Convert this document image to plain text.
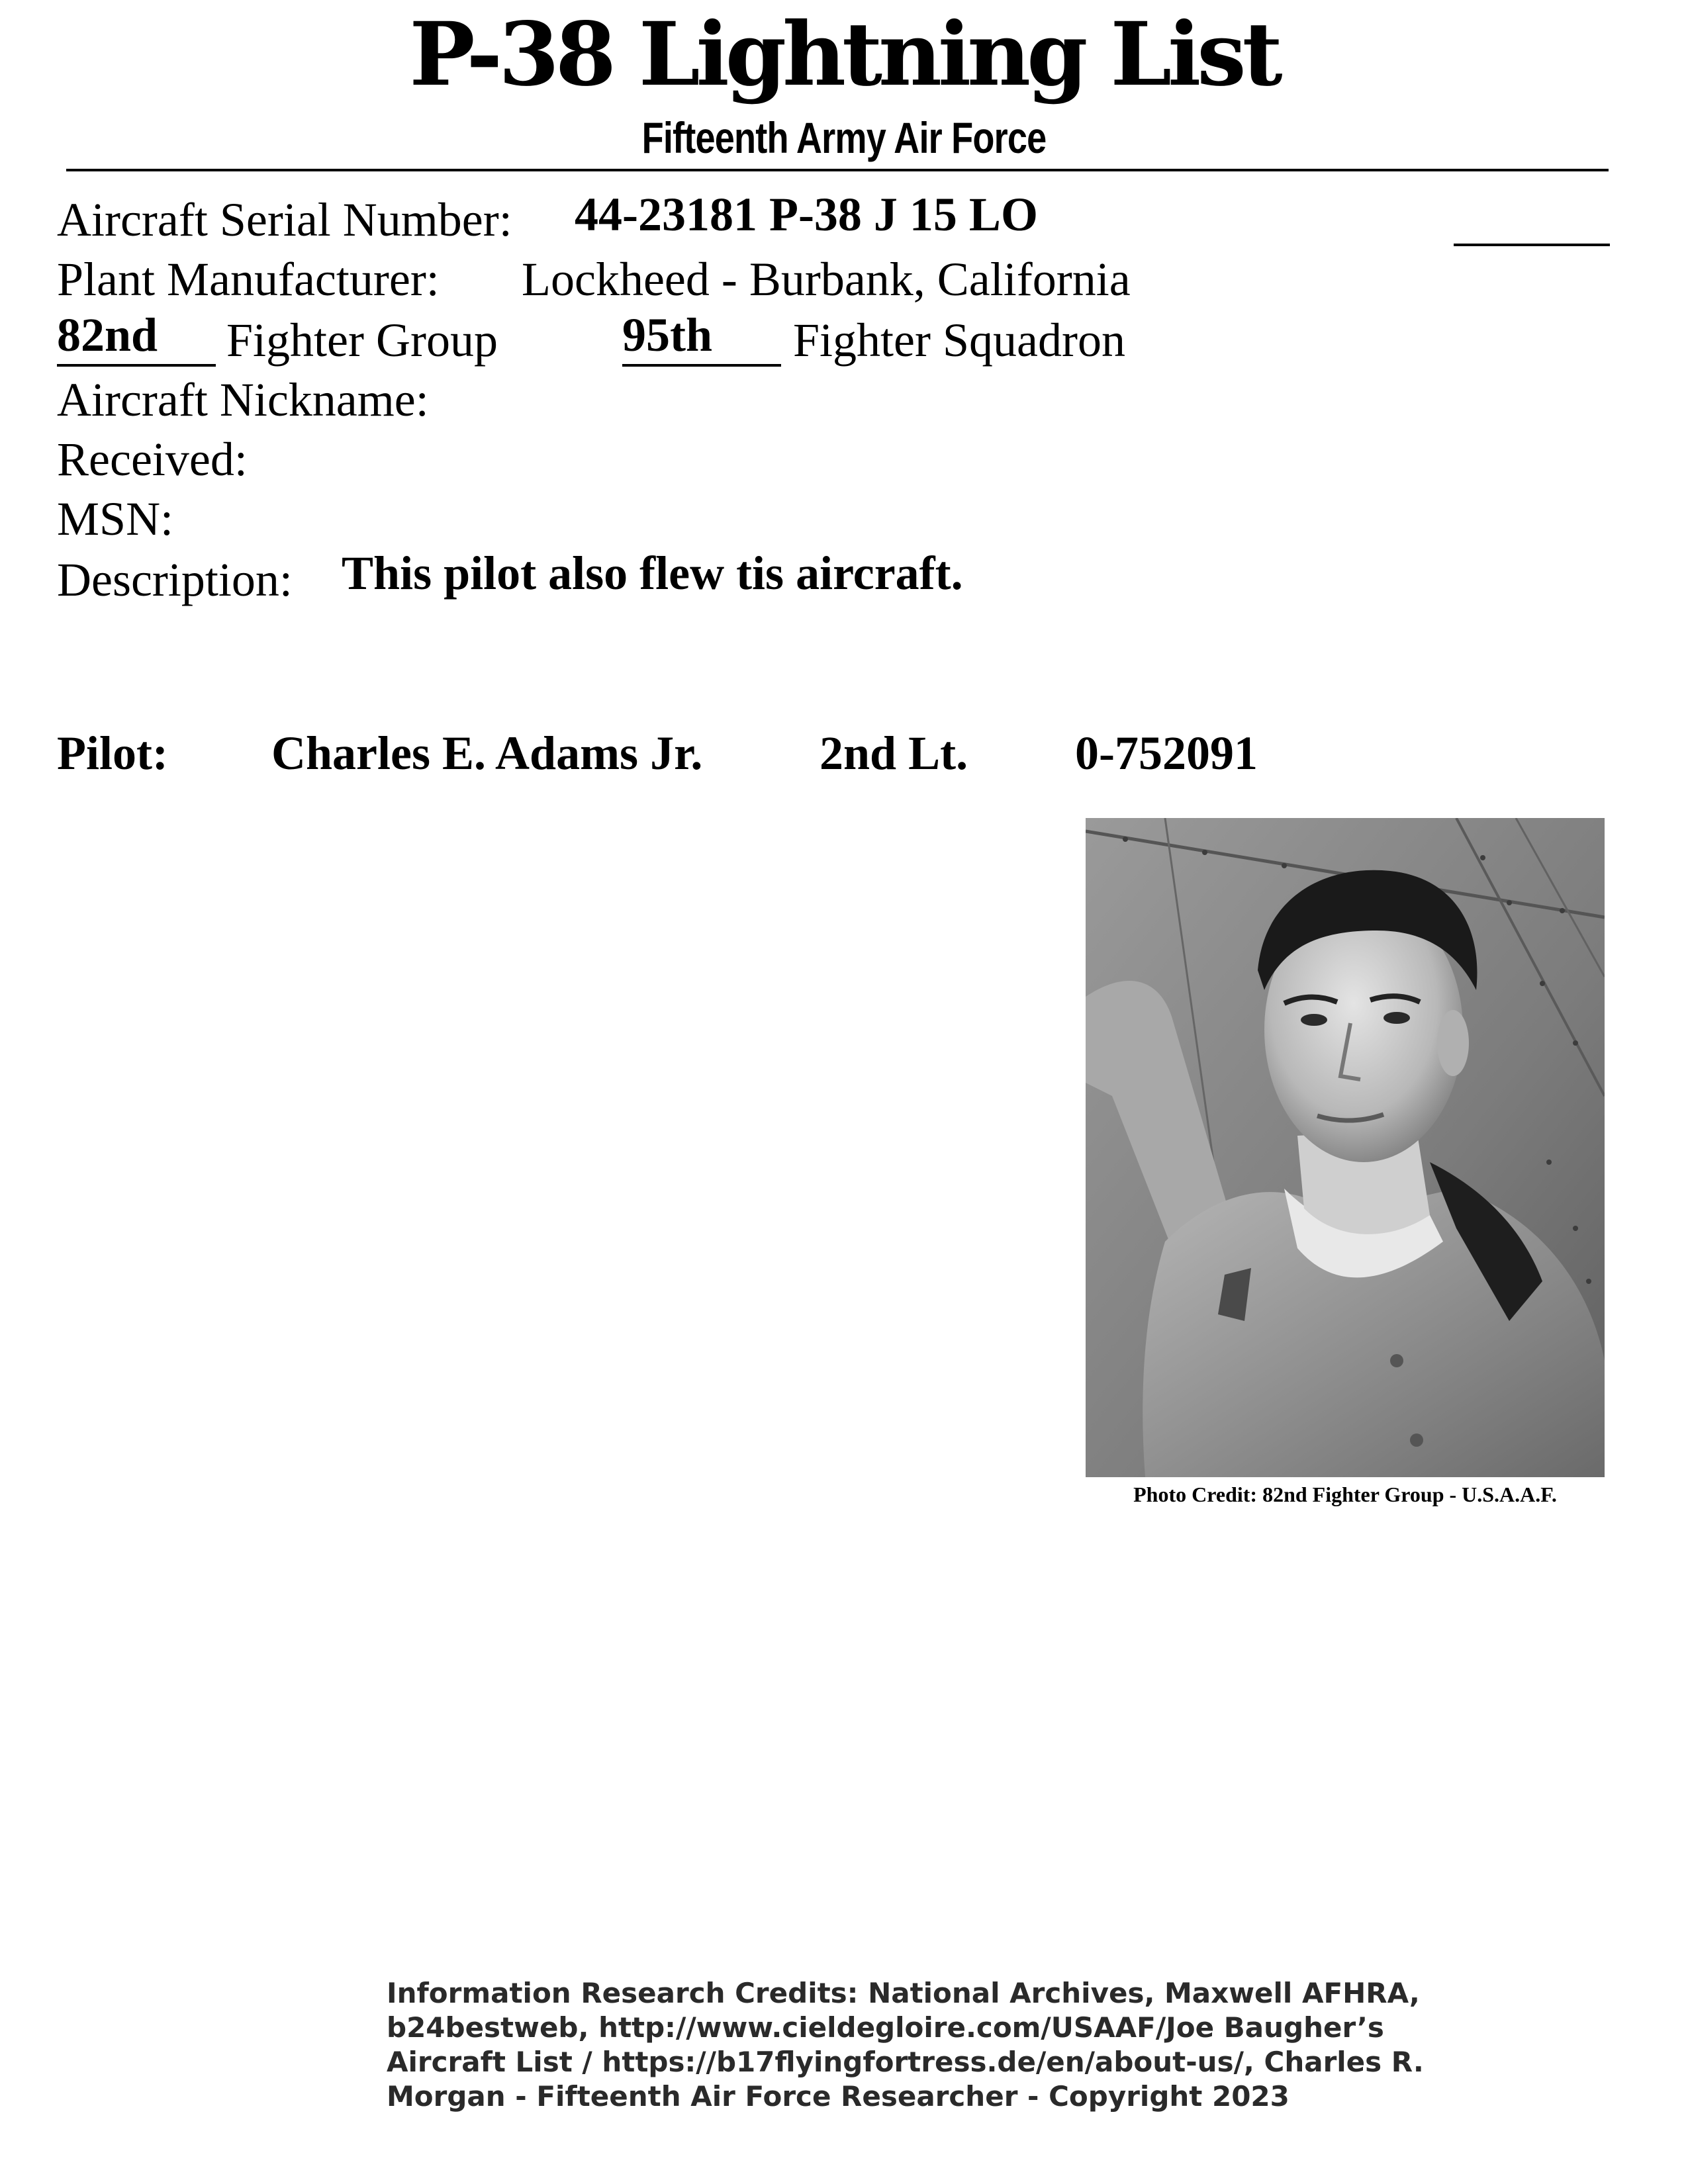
P-38 Lightning List
Fifteenth Army Air Force
Aircraft Serial Number: 44-23181 P-38 J 15 LO
Plant Manufacturer: Lockheed - Burbank, California
82nd Fighter Group	95th Fighter Squadron
Aircraft Nickname:
Received:
MSN:
Description: This pilot also flew tis aircraft.
Pilot: Charles E. Adams Jr. 2nd Lt. 0-752091
Photo Credit: 82nd Fighter Group - U.S.A.A.F.
Information Research Credits: National Archives, Maxwell AFHRA,
b24bestweb, http://www.cieldegloire.com/USAAF/Joe Baugher’s
Aircraft List / https://b17flyingfortress.de/en/about-us/, Charles R.
Morgan - Fifteenth Air Force Researcher - Copyright 2023
